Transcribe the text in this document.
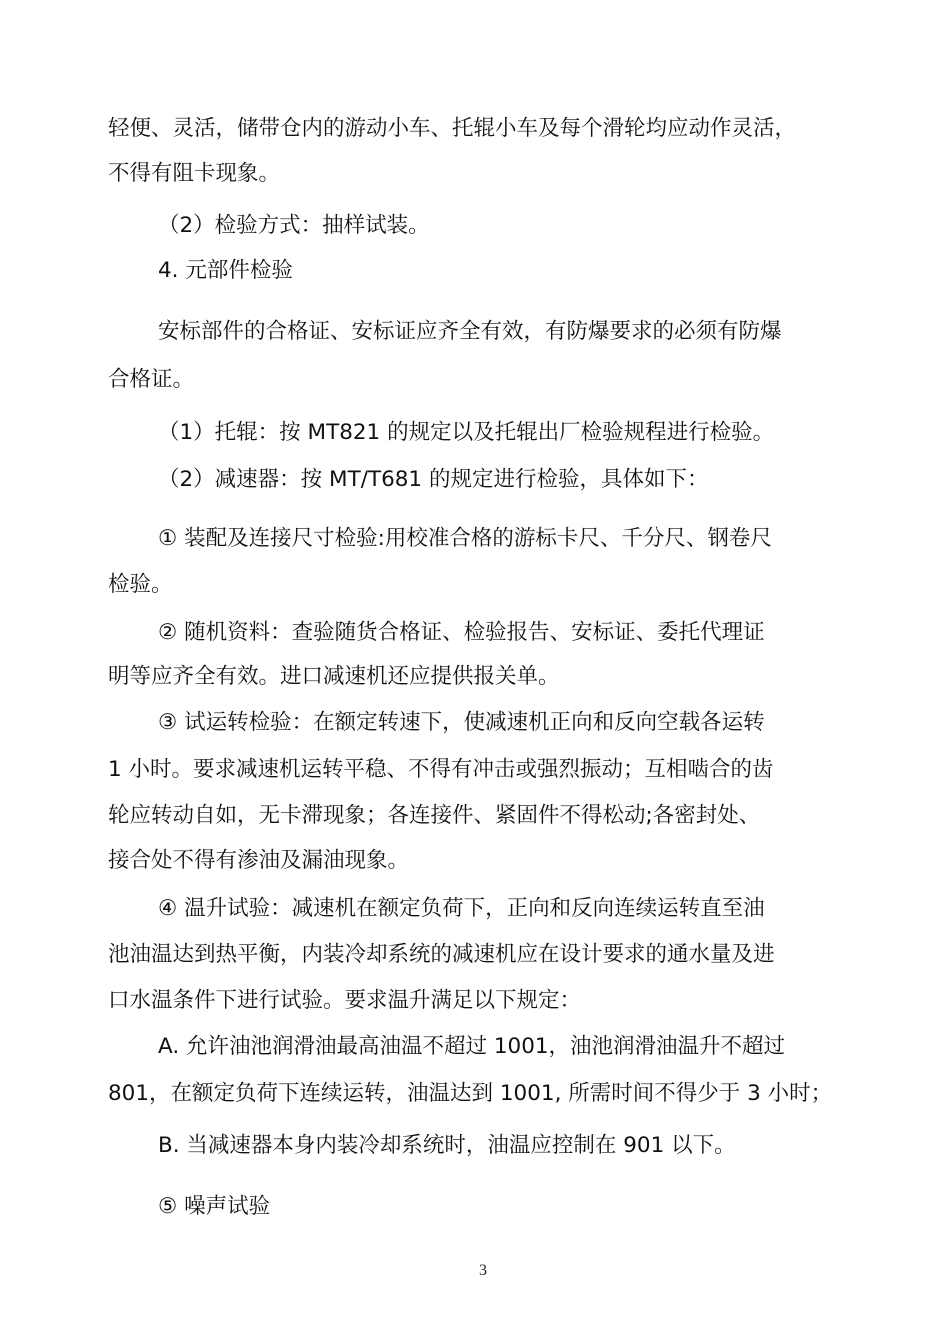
轻便、灵活，储带仓内的游动小车、托辊小车及每个滑轮均应动作灵活，
不得有阻卡现象。
（2）检验方式：抽样试装。
4. 元部件检验
安标部件的合格证、安标证应齐全有效，有防爆要求的必须有防爆
合格证。
（1）托辊：按 MT821 的规定以及托辊出厂检验规程进行检验。
（2）减速器：按 MT/T681 的规定进行检验，具体如下：
① 装配及连接尺寸检验:用校准合格的游标卡尺、千分尺、钢卷尺
检验。
② 随机资料：查验随货合格证、检验报告、安标证、委托代理证
明等应齐全有效。进口减速机还应提供报关单。
③ 试运转检验：在额定转速下，使减速机正向和反向空载各运转
1 小时。要求减速机运转平稳、不得有冲击或强烈振动；互相啮合的齿
轮应转动自如，无卡滞现象；各连接件、紧固件不得松动;各密封处、
接合处不得有渗油及漏油现象。
④ 温升试验：减速机在额定负荷下，正向和反向连续运转直至油
池油温达到热平衡，内装冷却系统的减速机应在设计要求的通水量及进
口水温条件下进行试验。要求温升满足以下规定：
A. 允许油池润滑油最高油温不超过 1001，油池润滑油温升不超过
801，在额定负荷下连续运转，油温达到 1001, 所需时间不得少于 3 小时；
B. 当减速器本身内装冷却系统时，油温应控制在 901 以下。
⑤ 噪声试验
3
